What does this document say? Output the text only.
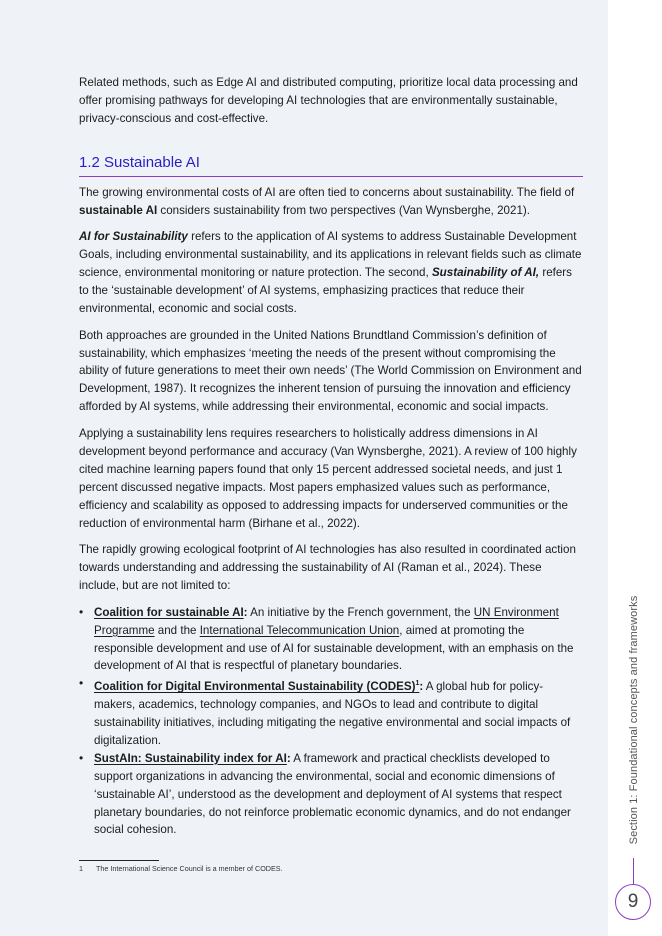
Related methods, such as Edge AI and distributed computing, prioritize local data processing and offer promising pathways for developing AI technologies that are environmentally sustainable, privacy-conscious and cost-effective.

1.2 Sustainable AI

The growing environmental costs of AI are often tied to concerns about sustainability. The field of sustainable AI considers sustainability from two perspectives (Van Wynsberghe, 2021).

AI for Sustainability refers to the application of AI systems to address Sustainable Development Goals, including environmental sustainability, and its applications in relevant fields such as climate science, environmental monitoring or nature protection. The second, Sustainability of AI, refers to the ‘sustainable development’ of AI systems, emphasizing practices that reduce their environmental, economic and social costs.

Both approaches are grounded in the United Nations Brundtland Commission’s definition of sustainability, which emphasizes ‘meeting the needs of the present without compromising the ability of future generations to meet their own needs’ (The World Commission on Environment and Development, 1987). It recognizes the inherent tension of pursuing the innovation and efficiency afforded by AI systems, while addressing their environmental, economic and social impacts.

Applying a sustainability lens requires researchers to holistically address dimensions in AI development beyond performance and accuracy (Van Wynsberghe, 2021). A review of 100 highly cited machine learning papers found that only 15 percent addressed societal needs, and just 1 percent discussed negative impacts. Most papers emphasized values such as performance, efficiency and scalability as opposed to addressing impacts for underserved communities or the reduction of environmental harm (Birhane et al., 2022).

The rapidly growing ecological footprint of AI technologies has also resulted in coordinated action towards understanding and addressing the sustainability of AI (Raman et al., 2024). These include, but are not limited to:

• Coalition for sustainable AI: An initiative by the French government, the UN Environment Programme and the International Telecommunication Union, aimed at promoting the responsible development and use of AI for sustainable development, with an emphasis on the development of AI that is respectful of planetary boundaries.
• Coalition for Digital Environmental Sustainability (CODES)$^1$: A global hub for policy-makers, academics, technology companies, and NGOs to lead and contribute to digital sustainability initiatives, including mitigating the negative environmental and social impacts of digitalization.
• SustAIn: Sustainability index for AI: A framework and practical checklists developed to support organizations in advancing the environmental, social and economic dimensions of ‘sustainable AI’, understood as the development and deployment of AI systems that respect planetary boundaries, do not reinforce problematic economic dynamics, and do not endanger social cohesion.
1 The International Science Council is a member of CODES.
Section 1: Foundational concepts and frameworks
9
